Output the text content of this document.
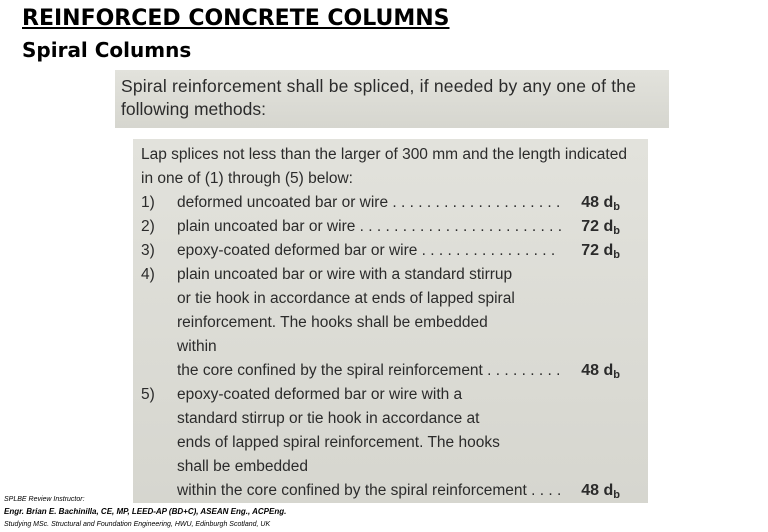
REINFORCED CONCRETE COLUMNS
Spiral Columns
Spiral reinforcement shall be spliced, if needed by any one of the
following methods:
Lap splices not less than the larger of 300 mm and the length indicated
in one of (1) through (5) below:
1)	deformed uncoated bar or wire . . . . . . . . . . . . . . . . . . . . 48 $d_b$
2)	plain uncoated bar or wire . . . . . . . . . . . . . . . . . . . . . . . . 72 $d_b$
3)	epoxy-coated deformed bar or wire . . . . . . . . . . . . . . . . 72 $d_b$
4)	plain uncoated bar or wire with a standard stirrup
or tie hook in accordance at ends of lapped spiral
reinforcement. The hooks shall be embedded
within
the core confined by the spiral reinforcement . . . . . . . . . 48 $d_b$
5)	epoxy-coated deformed bar or wire with a
standard stirrup or tie hook in accordance at
ends of lapped spiral reinforcement. The hooks
shall be embedded
within the core confined by the spiral reinforcement . . . . 48 $d_b$
SPLBE Review Instructor:
Engr. Brian E. Bachinilla, CE, MP, LEED-AP (BD+C), ASEAN Eng., ACPEng.
Studying MSc. Structural and Foundation Engineering, HWU, Edinburgh Scotland, UK
